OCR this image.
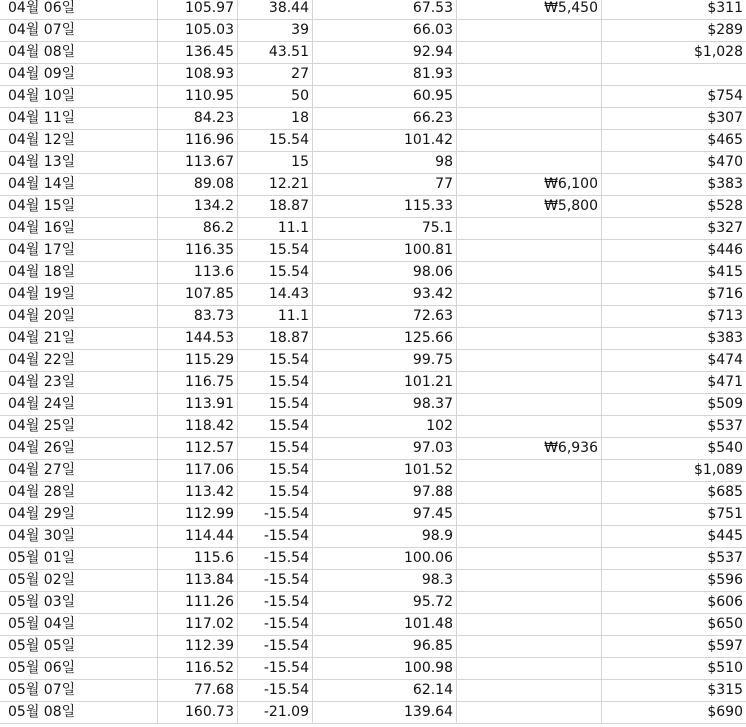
04월 06일	105.97	38.44	67.53	₩5,450	$311
04월 07일	105.03	39	66.03		$289
04월 08일	136.45	43.51	92.94		$1,028
04월 09일	108.93	27	81.93		
04월 10일	110.95	50	60.95		$754
04월 11일	84.23	18	66.23		$307
04월 12일	116.96	15.54	101.42		$465
04월 13일	113.67	15	98		$470
04월 14일	89.08	12.21	77	₩6,100	$383
04월 15일	134.2	18.87	115.33	₩5,800	$528
04월 16일	86.2	11.1	75.1		$327
04월 17일	116.35	15.54	100.81		$446
04월 18일	113.6	15.54	98.06		$415
04월 19일	107.85	14.43	93.42		$716
04월 20일	83.73	11.1	72.63		$713
04월 21일	144.53	18.87	125.66		$383
04월 22일	115.29	15.54	99.75		$474
04월 23일	116.75	15.54	101.21		$471
04월 24일	113.91	15.54	98.37		$509
04월 25일	118.42	15.54	102		$537
04월 26일	112.57	15.54	97.03	₩6,936	$540
04월 27일	117.06	15.54	101.52		$1,089
04월 28일	113.42	15.54	97.88		$685
04월 29일	112.99	-15.54	97.45		$751
04월 30일	114.44	-15.54	98.9		$445
05월 01일	115.6	-15.54	100.06		$537
05월 02일	113.84	-15.54	98.3		$596
05월 03일	111.26	-15.54	95.72		$606
05월 04일	117.02	-15.54	101.48		$650
05월 05일	112.39	-15.54	96.85		$597
05월 06일	116.52	-15.54	100.98		$510
05월 07일	77.68	-15.54	62.14		$315
05월 08일	160.73	-21.09	139.64		$690
